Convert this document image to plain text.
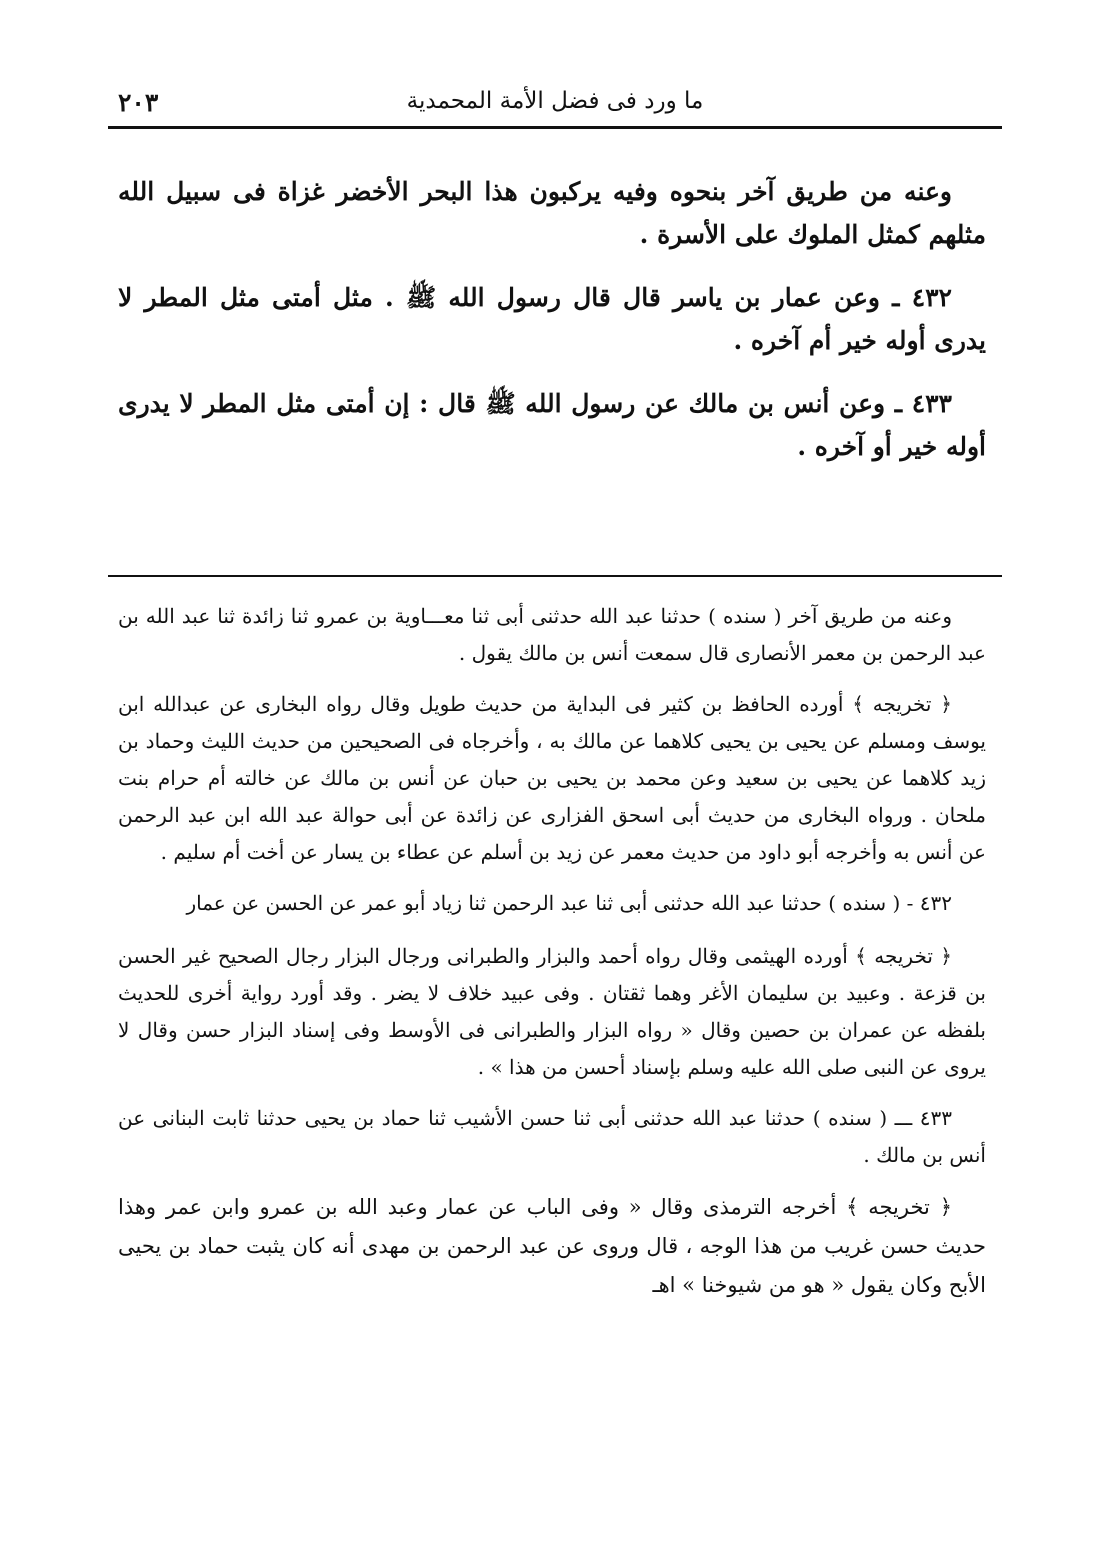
ما ورد فى فضل الأمة المحمدية
٢٠٣

وعنه من طريق آخر بنحوه وفيه يركبون هذا البحر الأخضر غزاة فى سبيل الله مثلهم كمثل الملوك على الأسرة .

٤٣٢ ـ وعن عمار بن ياسر قال قال رسول الله ﷺ . مثل أمتى مثل المطر لا يدرى أوله خير أم آخره .

٤٣٣ ـ وعن أنس بن مالك عن رسول الله ﷺ قال : إن أمتى مثل المطر لا يدرى أوله خير أو آخره .

وعنه من طريق آخر ( سنده ) حدثنا عبد الله حدثنى أبى ثنا معـــاوية بن عمرو ثنا زائدة ثنا عبد الله بن عبد الرحمن بن معمر الأنصارى قال سمعت أنس بن مالك يقول .

﴿ تخريجه ﴾ أورده الحافظ بن كثير فى البداية من حديث طويل وقال رواه البخارى عن عبدالله ابن يوسف ومسلم عن يحيى بن يحيى كلاهما عن مالك به ، وأخرجاه فى الصحيحين من حديث الليث وحماد بن زيد كلاهما عن يحيى بن سعيد وعن محمد بن يحيى بن حبان عن أنس بن مالك عن خالته أم حرام بنت ملحان . ورواه البخارى من حديث أبى اسحق الفزارى عن زائدة عن أبى حوالة عبد الله ابن عبد الرحمن عن أنس به وأخرجه أبو داود من حديث معمر عن زيد بن أسلم عن عطاء بن يسار عن أخت أم سليم .

٤٣٢ - ( سنده ) حدثنا عبد الله حدثنى أبى ثنا عبد الرحمن ثنا زياد أبو عمر عن الحسن عن عمار

﴿ تخريجه ﴾ أورده الهيثمى وقال رواه أحمد والبزار والطبرانى ورجال البزار رجال الصحيح غير الحسن بن قزعة . وعبيد بن سليمان الأغر وهما ثقتان . وفى عبيد خلاف لا يضر . وقد أورد رواية أخرى للحديث بلفظه عن عمران بن حصين وقال « رواه البزار والطبرانى فى الأوسط وفى إسناد البزار حسن وقال لا يروى عن النبى صلى الله عليه وسلم بإسناد أحسن من هذا » .

٤٣٣ ـــ ( سنده ) حدثنا عبد الله حدثنى أبى ثنا حسن الأشيب ثنا حماد بن يحيى حدثنا ثابت البنانى عن أنس بن مالك .

﴿ تخريجه ﴾ أخرجه الترمذى وقال « وفى الباب عن عمار وعبد الله بن عمرو وابن عمر وهذا حديث حسن غريب من هذا الوجه ، قال وروى عن عبد الرحمن بن مهدى أنه كان يثبت حماد بن يحيى الأبح وكان يقول « هو من شيوخنا » اهـ
